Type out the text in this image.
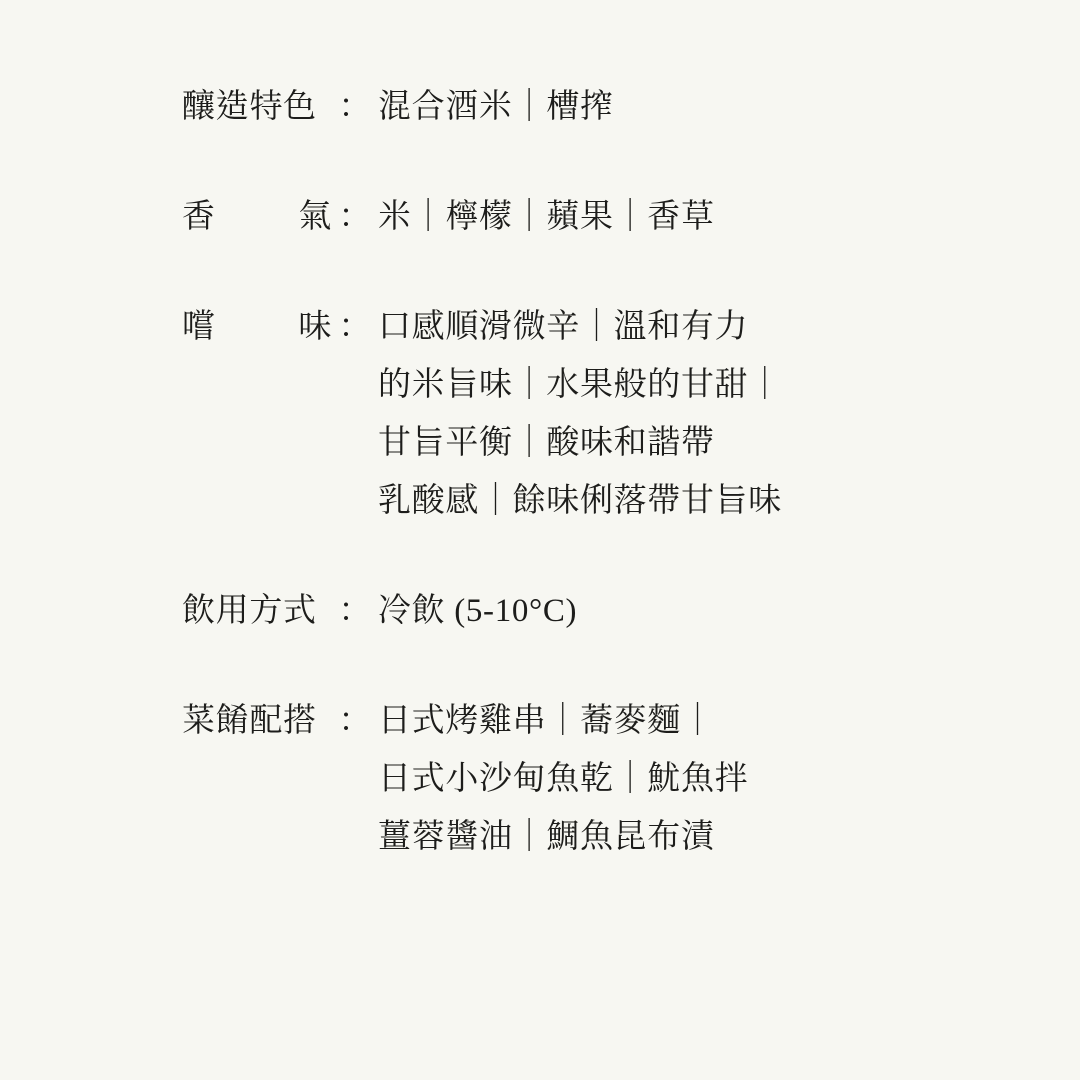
釀造特色 ： 混合酒米｜槽搾
香氣 ： 米｜檸檬｜蘋果｜香草
嚐味 ： 口感順滑微辛｜溫和有力
的米旨味｜水果般的甘甜｜
甘旨平衡｜酸味和諧帶
乳酸感｜餘味俐落帶甘旨味
飲用方式 ： 冷飲 (5-10°C)
菜餚配搭 ： 日式烤雞串｜蕎麥麵｜
日式小沙甸魚乾｜魷魚拌
薑蓉醬油｜鯛魚昆布漬
